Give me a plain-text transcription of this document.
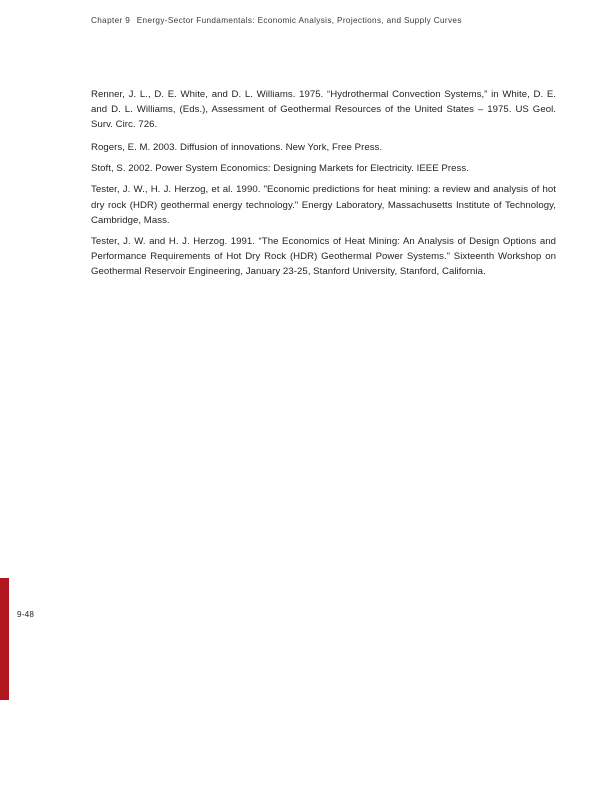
Chapter 9 Energy-Sector Fundamentals: Economic Analysis, Projections, and Supply Curves
Renner, J. L., D. E. White, and D. L. Williams. 1975. “Hydrothermal Convection Systems,” in White, D. E. and D. L. Williams, (Eds.), Assessment of Geothermal Resources of the United States – 1975. US Geol. Surv. Circ. 726.
Rogers, E. M. 2003. Diffusion of innovations. New York, Free Press.
Stoft, S. 2002. Power System Economics: Designing Markets for Electricity. IEEE Press.
Tester, J. W., H. J. Herzog, et al. 1990. "Economic predictions for heat mining: a review and analysis of hot dry rock (HDR) geothermal energy technology." Energy Laboratory, Massachusetts Institute of Technology, Cambridge, Mass.
Tester, J. W. and H. J. Herzog. 1991. “The Economics of Heat Mining: An Analysis of Design Options and Performance Requirements of Hot Dry Rock (HDR) Geothermal Power Systems.” Sixteenth Workshop on Geothermal Reservoir Engineering, January 23-25, Stanford University, Stanford, California.
9-48
